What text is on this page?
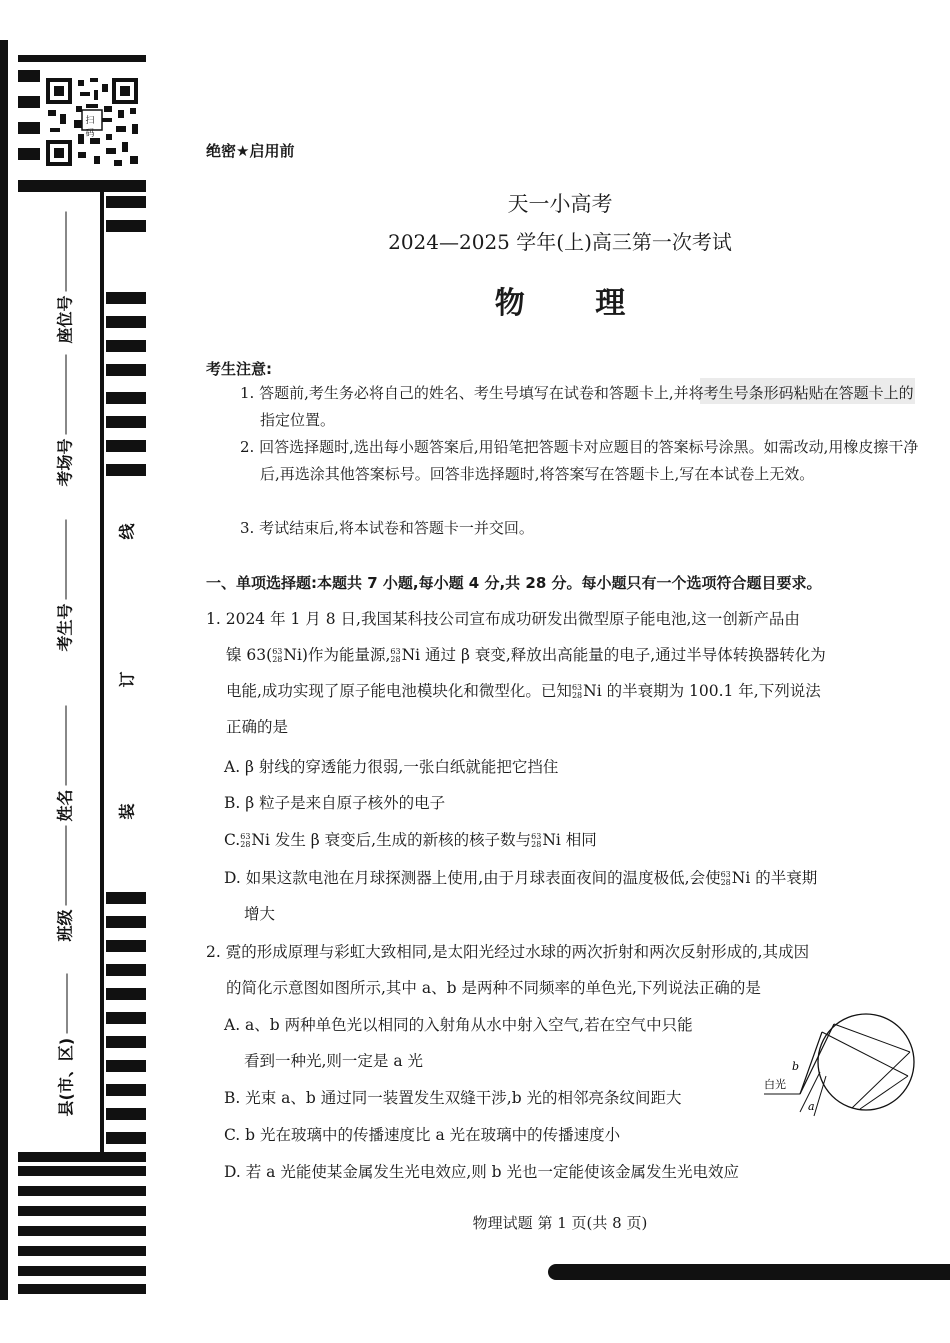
扫码
座位号
考场号
考生号
姓名
班级
县(市、区)
线
订
装
绝密★启用前
天一小高考
2024—2025 学年(上)高三第一次考试
物 理
考生注意:
1. 答题前,考生务必将自己的姓名、考生号填写在试卷和答题卡上,并将考生号条形码粘贴在答题卡上的指定位置。
2. 回答选择题时,选出每小题答案后,用铅笔把答题卡对应题目的答案标号涂黑。如需改动,用橡皮擦干净后,再选涂其他答案标号。回答非选择题时,将答案写在答题卡上,写在本试卷上无效。
3. 考试结束后,将本试卷和答题卡一并交回。
一、单项选择题:本题共 7 小题,每小题 4 分,共 28 分。每小题只有一个选项符合题目要求。
1. 2024 年 1 月 8 日,我国某科技公司宣布成功研发出微型原子能电池,这一创新产品由
镍 63(63
28Ni)作为能量源,63
28Ni 通过 β 衰变,释放出高能量的电子,通过半导体转换器转化为
电能,成功实现了原子能电池模块化和微型化。已知63
28Ni 的半衰期为 100.1 年,下列说法
正确的是
A. β 射线的穿透能力很弱,一张白纸就能把它挡住
B. β 粒子是来自原子核外的电子
C.63
28Ni 发生 β 衰变后,生成的新核的核子数与63
28Ni 相同
D. 如果这款电池在月球探测器上使用,由于月球表面夜间的温度极低,会使63
28Ni 的半衰期
增大
2. 霓的形成原理与彩虹大致相同,是太阳光经过水球的两次折射和两次反射形成的,其成因
的简化示意图如图所示,其中 a、b 是两种不同频率的单色光,下列说法正确的是
A. a、b 两种单色光以相同的入射角从水中射入空气,若在空气中只能
看到一种光,则一定是 a 光
B. 光束 a、b 通过同一装置发生双缝干涉,b 光的相邻亮条纹间距大
C. b 光在玻璃中的传播速度比 a 光在玻璃中的传播速度小
D. 若 a 光能使某金属发生光电效应,则 b 光也一定能使该金属发生光电效应
白光
b
a
物理试题 第 1 页(共 8 页)
